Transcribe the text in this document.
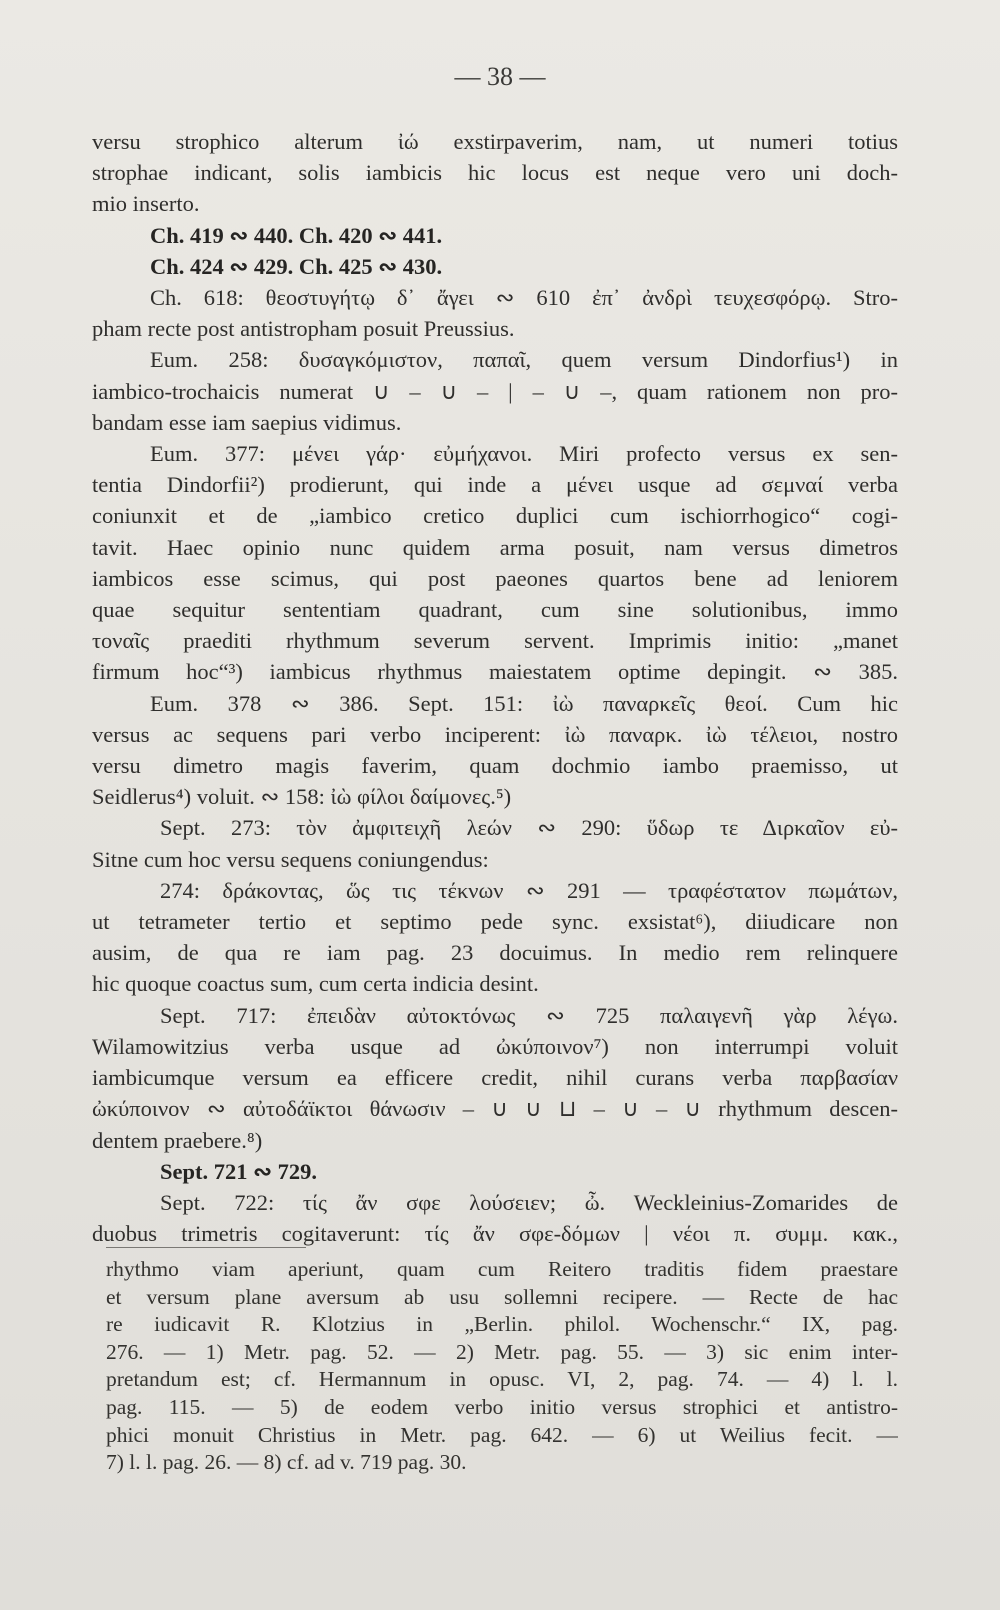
— 38 —
versu strophico alterum ἰώ exstirpaverim, nam, ut numeri totius
strophae indicant, solis iambicis hic locus est neque vero uni doch-
mio inserto.
Ch. 419 ∾ 440. Ch. 420 ∾ 441.
Ch. 424 ∾ 429. Ch. 425 ∾ 430.
Ch. 618: θεοστυγήτῳ δ᾽ ἄγει ∾ 610 ἐπ᾽ ἀνδρὶ τευχεσφόρῳ. Stro-
pham recte post antistropham posuit Preussius.
Eum. 258: δυσαγκόμιστον, παπαῖ, quem versum Dindorfius¹) in
iambico-trochaicis numerat ∪ – ∪ – | – ∪ –, quam rationem non pro-
bandam esse iam saepius vidimus.
Eum. 377: μένει γάρ· εὐμήχανοι. Miri profecto versus ex sen-
tentia Dindorfii²) prodierunt, qui inde a μένει usque ad σεμναί verba
coniunxit et de „iambico cretico duplici cum ischiorrhogico“ cogi-
tavit. Haec opinio nunc quidem arma posuit, nam versus dimetros
iambicos esse scimus, qui post paeones quartos bene ad leniorem
quae sequitur sententiam quadrant, cum sine solutionibus, immo
τοναῖς praediti rhythmum severum servent. Imprimis initio: „manet
firmum hoc“³) iambicus rhythmus maiestatem optime depingit. ∾ 385.
Eum. 378 ∾ 386. Sept. 151: ἰὼ παναρκεῖς θεοί. Cum hic
versus ac sequens pari verbo inciperent: ἰὼ παναρκ. ἰὼ τέλειοι, nostro
versu dimetro magis faverim, quam dochmio iambo praemisso, ut
Seidlerus⁴) voluit. ∾ 158: ἰὼ φίλοι δαίμονες.⁵)
Sept. 273: τὸν ἀμφιτειχῆ λεών ∾ 290: ὕδωρ τε Διρκαῖον εὐ-
Sitne cum hoc versu sequens coniungendus:
274: δράκοντας, ὥς τις τέκνων ∾ 291 — τραφέστατον πωμάτων,
ut tetrameter tertio et septimo pede sync. exsistat⁶), diiudicare non
ausim, de qua re iam pag. 23 docuimus. In medio rem relinquere
hic quoque coactus sum, cum certa indicia desint.
Sept. 717: ἐπειδὰν αὐτοκτόνως ∾ 725 παλαιγενῆ γὰρ λέγω.
Wilamowitzius verba usque ad ὠκύποινον⁷) non interrumpi voluit
iambicumque versum ea efficere credit, nihil curans verba παρβασίαν
ὠκύποινον ∾ αὐτοδάϊκτοι θάνωσιν – ∪ ∪ ⊔ – ∪ – ∪ rhythmum descen-
dentem praebere.⁸)
Sept. 721 ∾ 729.
Sept. 722: τίς ἄν σφε λούσειεν; ὦ. Weckleinius-Zomarides de
duobus trimetris cogitaverunt: τίς ἄν σφε-δόμων | νέοι π. συμμ. κακ.,
rhythmo viam aperiunt, quam cum Reitero traditis fidem praestare
et versum plane aversum ab usu sollemni recipere. — Recte de hac
re iudicavit R. Klotzius in „Berlin. philol. Wochenschr.“ IX, pag.
276. — 1) Metr. pag. 52. — 2) Metr. pag. 55. — 3) sic enim inter-
pretandum est; cf. Hermannum in opusc. VI, 2, pag. 74. — 4) l. l.
pag. 115. — 5) de eodem verbo initio versus strophici et antistro-
phici monuit Christius in Metr. pag. 642. — 6) ut Weilius fecit. —
7) l. l. pag. 26. — 8) cf. ad v. 719 pag. 30.
